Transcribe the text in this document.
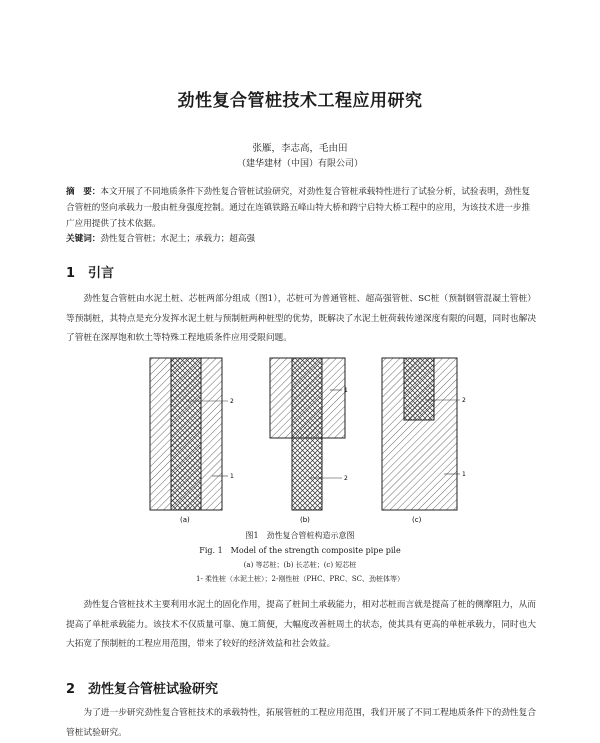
劲性复合管桩技术工程应用研究
张雁，李志高，毛由田
（建华建材（中国）有限公司）
摘　要：本文开展了不同地质条件下劲性复合管桩试验研究，对劲性复合管桩承载特性进行了试验分析，试验表明，劲性复合管桩的竖向承载力一般由桩身强度控制。通过在连镇铁路五峰山特大桥和跨宁启特大桥工程中的应用，为该技术进一步推广应用提供了技术依据。
关键词：劲性复合管桩；水泥土；承载力；超高强
1 引言
劲性复合管桩由水泥土桩、芯桩两部分组成（图1），芯桩可为普通管桩、超高强管桩、SC桩（预制钢管混凝土管桩）等预制桩，其特点是充分发挥水泥土桩与预制桩两种桩型的优势，既解决了水泥土桩荷载传递深度有限的问题，同时也解决了管桩在深厚饱和软土等特殊工程地质条件应用受限问题。
2
1
(a)
1
2
(b)
2
1
(c)
图1　劲性复合管桩构造示意图
Fig. 1　Model of the strength composite pipe pile
(a) 等芯桩；(b) 长芯桩；(c) 短芯桩
1- 柔性桩（水泥土桩）；2-刚性桩（PHC、PRC、SC、劲桩体等）
劲性复合管桩技术主要利用水泥土的固化作用，提高了桩间土承载能力，相对芯桩而言就是提高了桩的侧摩阻力，从而提高了单桩承载能力。该技术不仅质量可靠、施工简便，大幅度改善桩周土的状态，使其具有更高的单桩承载力，同时也大大拓宽了预制桩的工程应用范围，带来了较好的经济效益和社会效益。
2 劲性复合管桩试验研究
为了进一步研究劲性复合管桩技术的承载特性，拓展管桩的工程应用范围，我们开展了不同工程地质条件下的劲性复合管桩试验研究。
